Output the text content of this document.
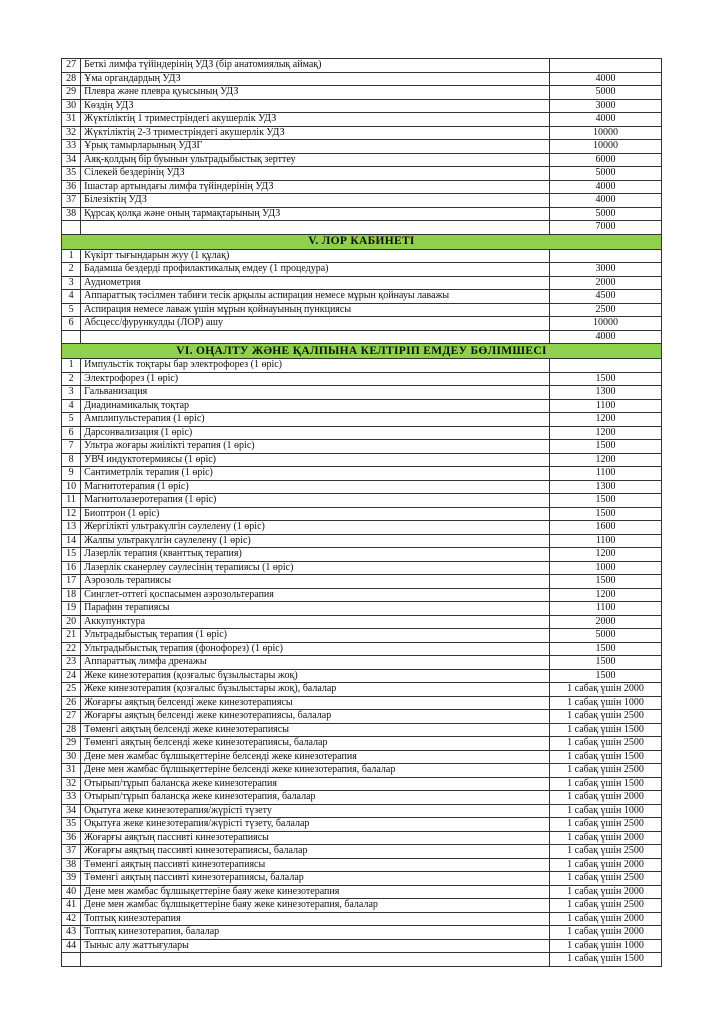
27	Беткі лимфа түйіндерінің УДЗ (бір анатомиялық аймақ)	
28	Ұма органдардың УДЗ	4000
29	Плевра және плевра қуысының УДЗ	5000
30	Көздің УДЗ	3000
31	Жүктіліктің 1 триместріндегі акушерлік УДЗ	4000
32	Жүктіліктің 2-3 триместріндегі акушерлік УДЗ	10000
33	Ұрық тамырларының УДЗГ	10000
34	Аяқ-қолдың бір буынын ультрадыбыстық зерттеу	6000
35	Сілекей бездерінің УДЗ	5000
36	Ішастар артындағы лимфа түйіндерінің УДЗ	4000
37	Білезіктің УДЗ	4000
38	Құрсақ қолқа және оның тармақтарының УДЗ	5000
		7000
V. ЛОР КАБИНЕТІ		
1	Күкірт тығындарын жуу (1 құлақ)	
2	Бадамша бездерді профилактикалық емдеу (1 процедура)	3000
3	Аудиометрия	2000
4	Аппараттық тәсілмен табиғи тесік арқылы аспирация немесе мұрын қойнауы лаважы	4500
5	Аспирация немесе лаваж үшін мұрын қойнауының пункциясы	2500
6	Абсцесс/фурункулды (ЛОР) ашу	10000
		4000
VI. ОҢАЛТУ ЖӘНЕ ҚАЛПЫНА КЕЛТІРІП ЕМДЕУ БӨЛІМШЕСІ		
1	Импульстік тоқтары бар электрофорез (1 өріс)	
2	Электрофорез (1 өріс)	1500
3	Гальванизация	1300
4	Диадинамикалық тоқтар	1100
5	Амплипульстерапия (1 өріс)	1200
6	Дарсонвализация (1 өріс)	1200
7	Ультра жоғары жиілікті терапия (1 өріс)	1500
8	УВЧ индуктотермиясы (1 өріс)	1200
9	Сантиметрлік терапия (1 өріс)	1100
10	Магнитотерапия (1 өріс)	1300
11	Магнитолазеротерапия (1 өріс)	1500
12	Биоптрон (1 өріс)	1500
13	Жергілікті ультракүлгін сәулелену (1 өріс)	1600
14	Жалпы ультракүлгін сәулелену (1 өріс)	1100
15	Лазерлік терапия (кванттық терапия)	1200
16	Лазерлік сканерлеу сәулесінің терапиясы (1 өріс)	1000
17	Аэрозоль терапиясы	1500
18	Синглет-оттегі қоспасымен аэрозольтерапия	1200
19	Парафин терапиясы	1100
20	Аккупунктура	2000
21	Ультрадыбыстық терапия (1 өріс)	5000
22	Ультрадыбыстық терапия (фонофорез) (1 өріс)	1500
23	Аппараттық лимфа дренажы	1500
24	Жеке кинезотерапия (қозғалыс бұзылыстары жоқ)	1500
25	Жеке кинезотерапия (қозғалыс бұзылыстары жоқ), балалар	1 сабақ үшін 2000
26	Жоғарғы аяқтың белсенді жеке кинезотерапиясы	1 сабақ үшін 1000
27	Жоғарғы аяқтың белсенді жеке кинезотерапиясы, балалар	1 сабақ үшін 2500
28	Төменгі аяқтың белсенді жеке кинезотерапиясы	1 сабақ үшін 1500
29	Төменгі аяқтың белсенді жеке кинезотерапиясы, балалар	1 сабақ үшін 2500
30	Дене мен жамбас бұлшықеттеріне белсенді жеке кинезотерапия	1 сабақ үшін 1500
31	Дене мен жамбас бұлшықеттеріне белсенді жеке кинезотерапия, балалар	1 сабақ үшін 2500
32	Отырып/тұрып балансқа жеке кинезотерапия	1 сабақ үшін 1500
33	Отырып/тұрып балансқа жеке кинезотерапия, балалар	1 сабақ үшін 2000
34	Оқытуға жеке кинезотерапия/жүрісті түзету	1 сабақ үшін 1000
35	Оқытуға жеке кинезотерапия/жүрісті түзету, балалар	1 сабақ үшін 2500
36	Жоғарғы аяқтың пассивті кинезотерапиясы	1 сабақ үшін 2000
37	Жоғарғы аяқтың пассивті кинезотерапиясы, балалар	1 сабақ үшін 2500
38	Төменгі аяқтың пассивті кинезотерапиясы	1 сабақ үшін 2000
39	Төменгі аяқтың пассивті кинезотерапиясы, балалар	1 сабақ үшін 2500
40	Дене мен жамбас бұлшықеттеріне баяу жеке кинезотерапия	1 сабақ үшін 2000
41	Дене мен жамбас бұлшықеттеріне баяу жеке кинезотерапия, балалар	1 сабақ үшін 2500
42	Топтық кинезотерапия	1 сабақ үшін 2000
43	Топтық кинезотерапия, балалар	1 сабақ үшін 2000
44	Тыныс алу жаттығулары	1 сабақ үшін 1000
		1 сабақ үшін 1500
